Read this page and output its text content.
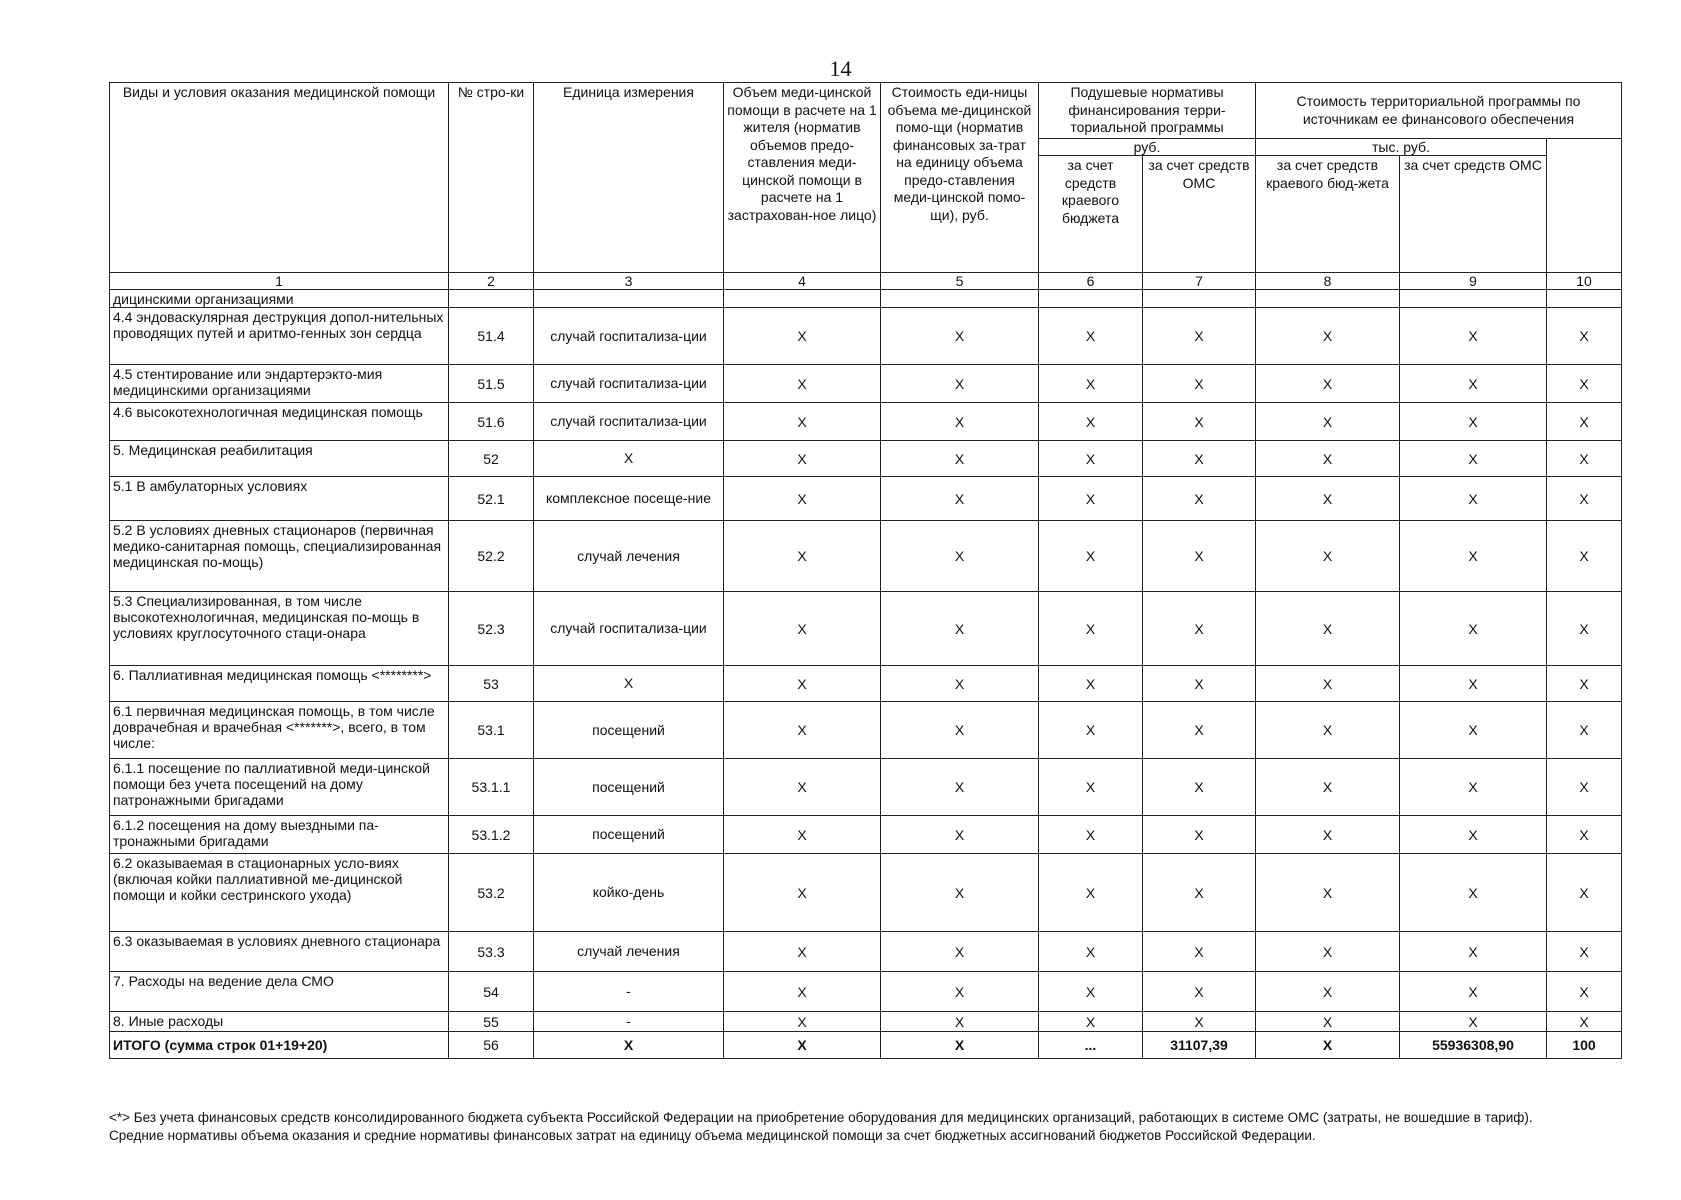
14
Виды и условия оказания медицинской помощи	№ стро-ки	Единица измерения	Объем меди-цинской помощи в расчете на 1 жителя (норматив объемов предо-ставления меди-цинской помощи в расчете на 1 застрахован-ное лицо)	Стоимость еди-ницы объема ме-дицинской помо-щи (норматив финансовых за-трат на единицу объема предо-ставления меди-цинской помо-щи), руб.	Подушевые нормативы финансирования терри-ториальной программы		Стоимость территориальной программы по источникам ее финансового обеспечения		
					руб.		тыс. руб.		
					за счет средств краевого бюджета	за счет средств ОМС	за счет средств краевого бюд-жета	за счет средств ОМС	
1	2	3	4	5	6	7	8	9	10
дицинскими организациями									
4.4 эндоваскулярная деструкция допол-нительных проводящих путей и аритмо-генных зон сердца	51.4	случай госпитализа-ции	X	X	X	X	X	X	X
4.5 стентирование или эндартерэкто-мия медицинскими организациями	51.5	случай госпитализа-ции	X	X	X	X	X	X	X
4.6 высокотехнологичная медицинская помощь	51.6	случай госпитализа-ции	X	X	X	X	X	X	X
5. Медицинская реабилитация	52	X	X	X	X	X	X	X	X
5.1 В амбулаторных условиях	52.1	комплексное посеще-ние	X	X	X	X	X	X	X
5.2 В условиях дневных стационаров (первичная медико-санитарная помощь, специализированная медицинская по-мощь)	52.2	случай лечения	X	X	X	X	X	X	X
5.3 Специализированная, в том числе высокотехнологичная, медицинская по-мощь в условиях круглосуточного стаци-онара	52.3	случай госпитализа-ции	X	X	X	X	X	X	X
6. Паллиативная медицинская помощь <********>	53	X	X	X	X	X	X	X	X
6.1 первичная медицинская помощь, в том числе доврачебная и врачебная <*******>, всего, в том числе:	53.1	посещений	X	X	X	X	X	X	X
6.1.1 посещение по паллиативной меди-цинской помощи без учета посещений на дому патронажными бригадами	53.1.1	посещений	X	X	X	X	X	X	X
6.1.2 посещения на дому выездными па-тронажными бригадами	53.1.2	посещений	X	X	X	X	X	X	X
6.2 оказываемая в стационарных усло-виях (включая койки паллиативной ме-дицинской помощи и койки сестринского ухода)	53.2	койко-день	X	X	X	X	X	X	X
6.3 оказываемая в условиях дневного стационара	53.3	случай лечения	X	X	X	X	X	X	X
7. Расходы на ведение дела СМО	54	-	X	X	X	X	X	X	X
8. Иные расходы	55	-	X	X	X	X	X	X	X
ИТОГО (сумма строк 01+19+20)	56	X	X	X	...	31107,39	X	55936308,90	100
<*> Без учета финансовых средств консолидированного бюджета субъекта Российской Федерации на приобретение оборудования для медицинских организаций, работающих в системе ОМС (затраты, не вошедшие в тариф). Средние нормативы объема оказания и средние нормативы финансовых затрат на единицу объема медицинской помощи за счет бюджетных ассигнований бюджетов Российской Федерации.
